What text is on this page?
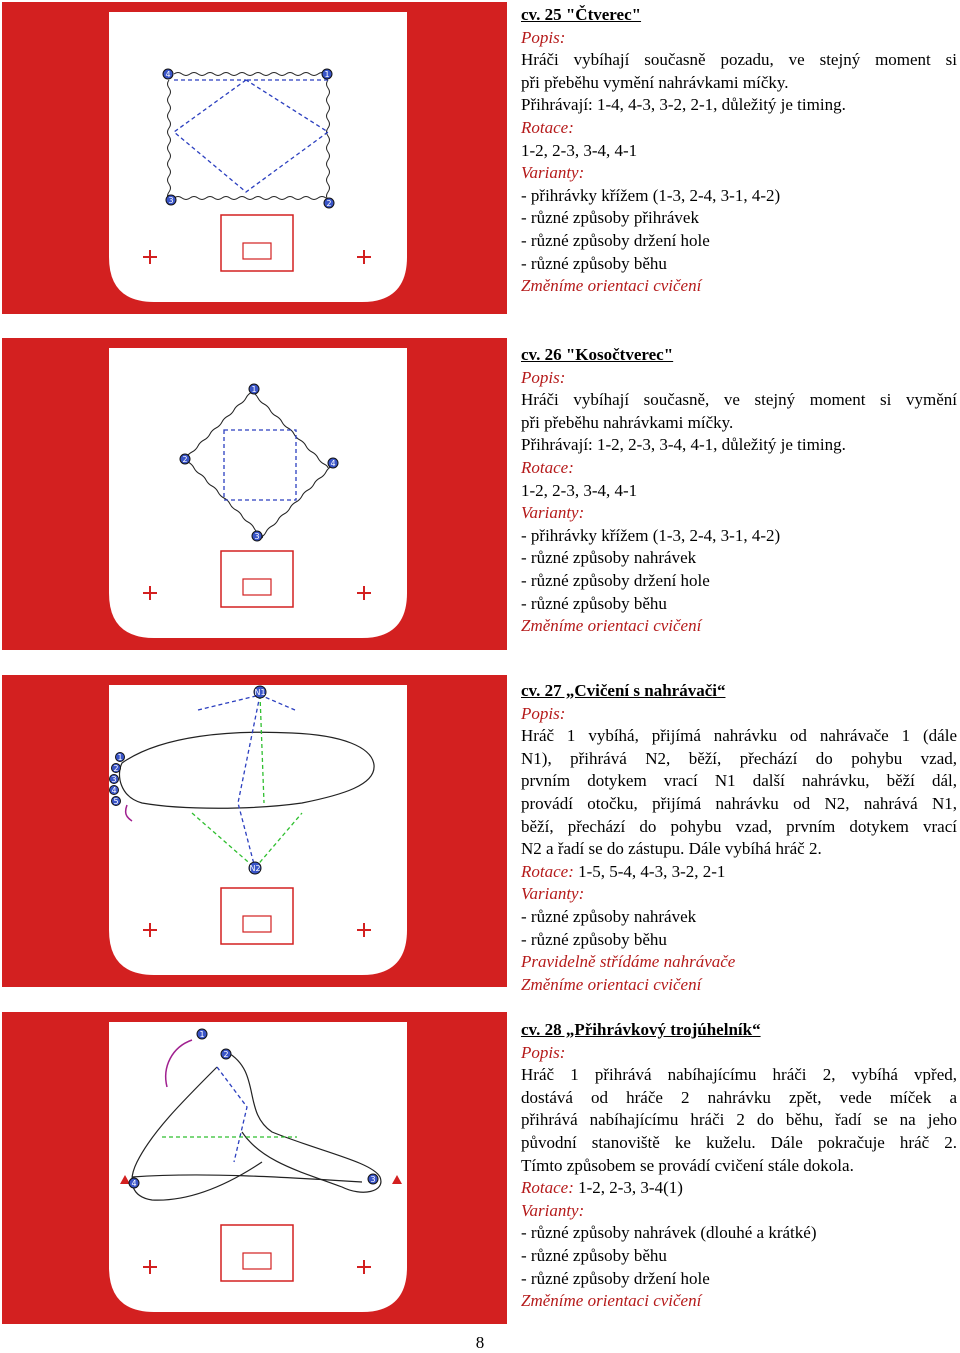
4	1
3	2

cv. 25 "Čtverec"

Popis:

Hráči vybíhají současně pozadu, ve stejný moment si

při přeběhu vymění nahrávkami míčky.

Přihrávají: 1-4, 4-3, 3-2, 2-1, důležitý je timing.

Rotace:

1-2, 2-3, 3-4, 4-1

Varianty:

- přihrávky křížem (1-3, 2-4, 3-1, 4-2)

- různé způsoby přihrávek

- různé způsoby držení hole

- různé způsoby běhu

Změníme orientaci cvičení

1
2	4
3

cv. 26 "Kosočtverec"

Popis:

Hráči vybíhají současně, ve stejný moment si vymění

při přeběhu nahrávkami míčky.

Přihrávají: 1-2, 2-3, 3-4, 4-1, důležitý je timing.

Rotace:

1-2, 2-3, 3-4, 4-1

Varianty:

- přihrávky křížem (1-3, 2-4, 3-1, 4-2)

- různé způsoby nahrávek

- různé způsoby držení hole

- různé způsoby běhu

Změníme orientaci cvičení

N1
N2
1
2
3
4
5

cv. 27 „Cvičení s nahrávači“

Popis:

Hráč 1 vybíhá, přijímá nahrávku od nahrávače 1 (dále

N1), přihrává N2, běží, přechází do pohybu vzad,

prvním dotykem vrací N1 další nahrávku, běží dál,

provádí otočku, přijímá nahrávku od N2, nahrává N1,

běží, přechází do pohybu vzad, prvním dotykem vrací

N2 a řadí se do zástupu. Dále vybíhá hráč 2.

Rotace: 1-5, 5-4, 4-3, 3-2, 2-1

Varianty:

- různé způsoby nahrávek

- různé způsoby běhu

Pravidelně střídáme nahrávače

Změníme orientaci cvičení

1
2
3
4

cv. 28 „Přihrávkový trojúhelník“

Popis:

Hráč 1 přihrává nabíhajícímu hráči 2, vybíhá vpřed,

dostává od hráče 2 nahrávku zpět, vede míček a

přihrává nabíhajícímu hráči 2 do běhu, řadí se na jeho

původní stanoviště ke kuželu. Dále pokračuje hráč 2.

Tímto způsobem se provádí cvičení stále dokola.

Rotace: 1-2, 2-3, 3-4(1)

Varianty:

- různé způsoby nahrávek (dlouhé a krátké)

- různé způsoby běhu

- různé způsoby držení hole

Změníme orientaci cvičení

8
